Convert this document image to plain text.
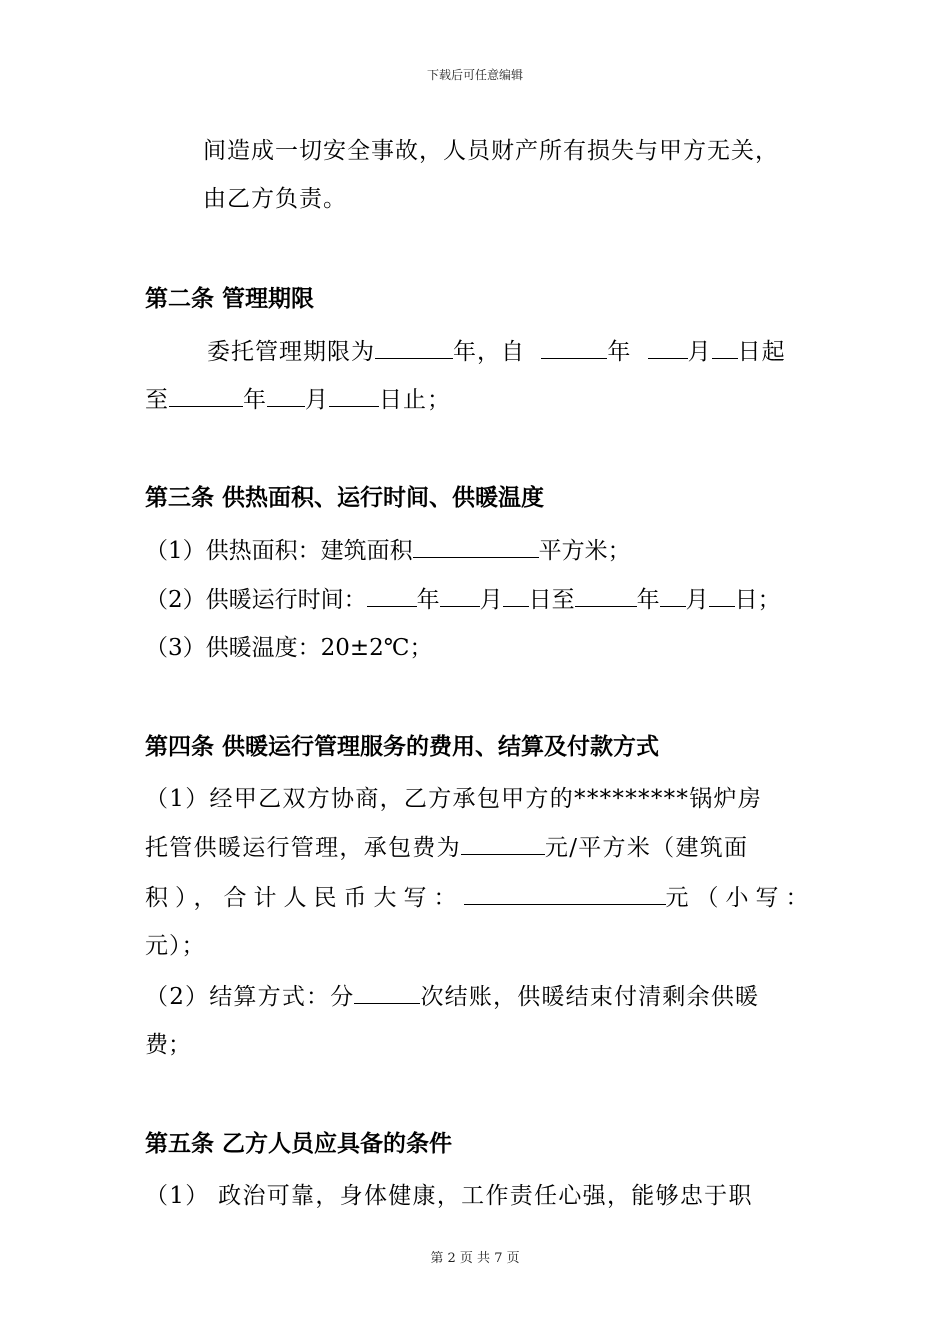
下载后可任意编辑
间造成一切安全事故，人员财产所有损失与甲方无关，
由乙方负责。
第二条 管理期限
委托管理期限为	年，自	年 月 日起
至	年 月 日止；
第三条 供热面积、运行时间、供暖温度
（1）供热面积：建筑面积	平方米；
（2）供暖运行时间： 年 月 日至	年 月 日；
（3）供暖温度：20±2℃；
第四条 供暖运行管理服务的费用、结算及付款方式
（1）经甲乙双方协商，乙方承包甲方的*********锅炉房
托管供暖运行管理，承包费为	元/平方米（建筑面
积），合计人民币大写：	元（小写：
元）；
（2）结算方式：分	次结账，供暖结束付清剩余供暖
费；
第五条 乙方人员应具备的条件
（1） 政治可靠，身体健康，工作责任心强，能够忠于职
第 2 页 共 7 页
